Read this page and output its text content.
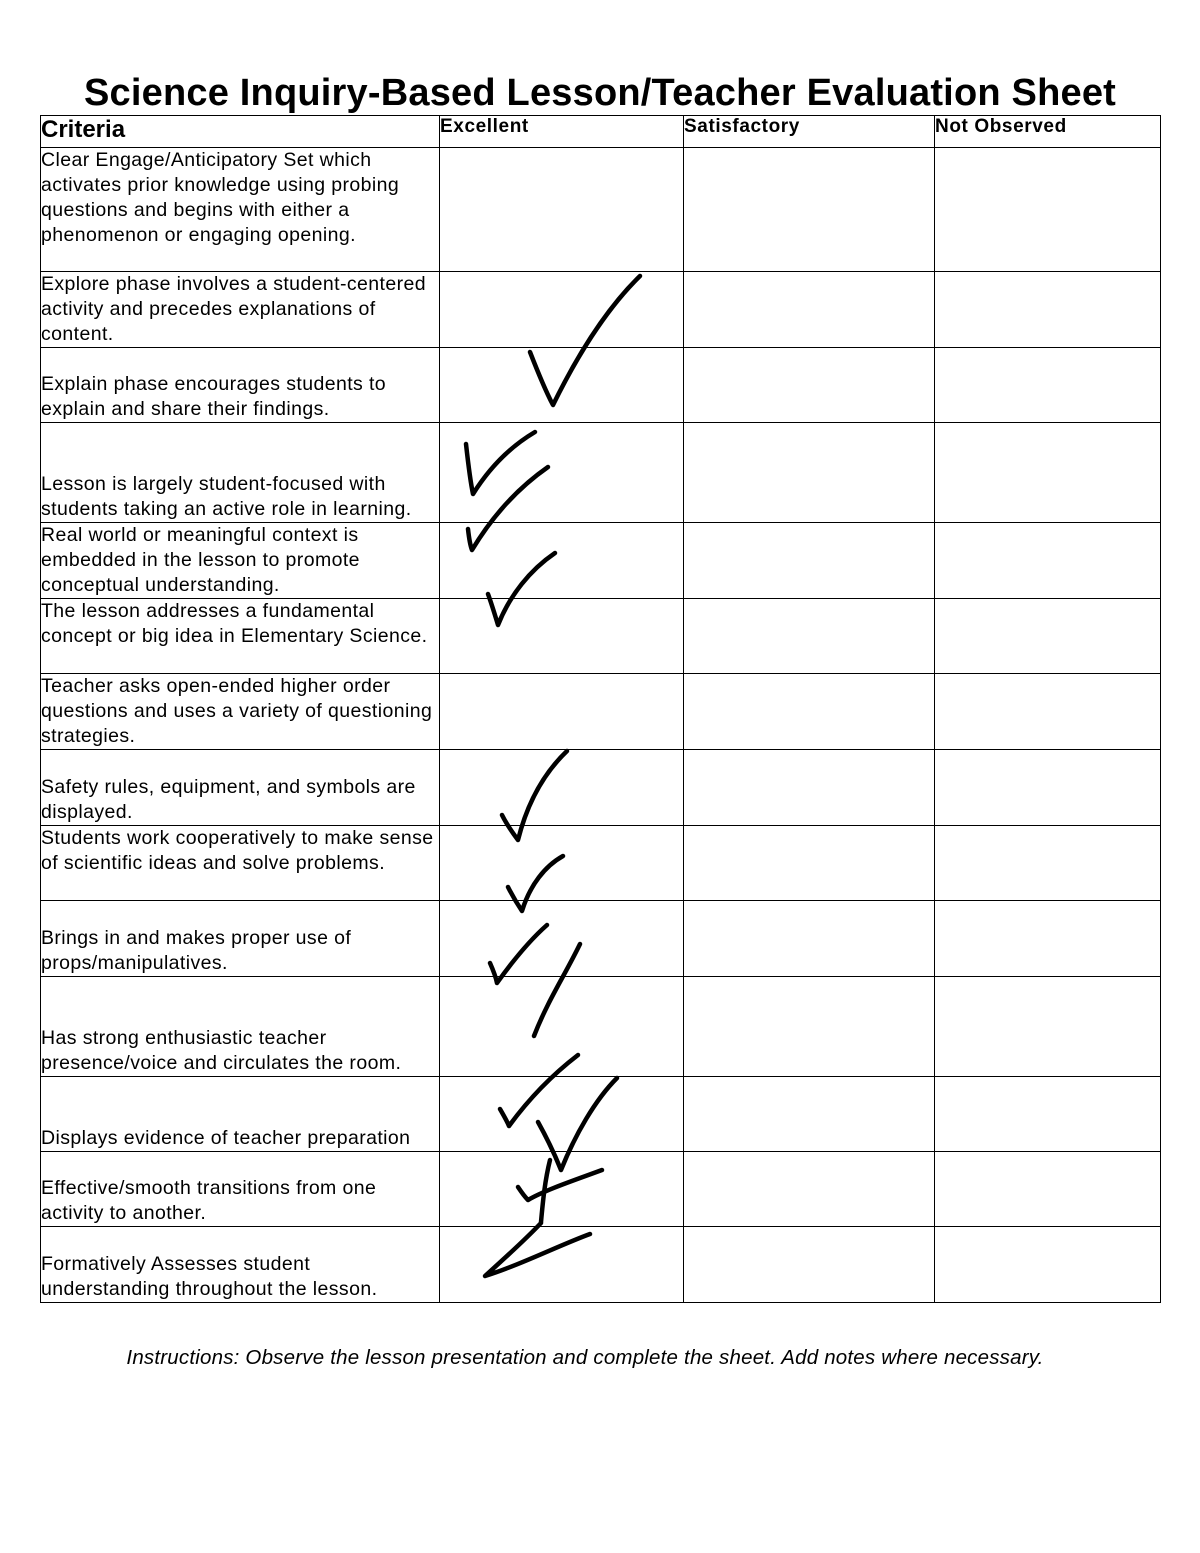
Science Inquiry-Based Lesson/Teacher Evaluation Sheet
Criteria	Excellent	Satisfactory	Not Observed
Clear Engage/Anticipatory Set which activates prior knowledge using probing questions and begins with either a phenomenon or engaging opening.			
Explore phase involves a student-centered activity and precedes explanations of content.			
Explain phase encourages students to explain and share their findings.			
Lesson is largely student-focused with students taking an active role in learning.			
Real world or meaningful context is embedded in the lesson to promote conceptual understanding.			
The lesson addresses a fundamental concept or big idea in Elementary Science.			
Teacher asks open-ended higher order questions and uses a variety of questioning strategies.			
Safety rules, equipment, and symbols are displayed.			
Students work cooperatively to make sense of scientific ideas and solve problems.			
Brings in and makes proper use of props/manipulatives.			
Has strong enthusiastic teacher presence/voice and circulates the room.			
Displays evidence of teacher preparation			
Effective/smooth transitions from one activity to another.			
Formatively Assesses student understanding throughout the lesson.			
Instructions: Observe the lesson presentation and complete the sheet. Add notes where necessary.
